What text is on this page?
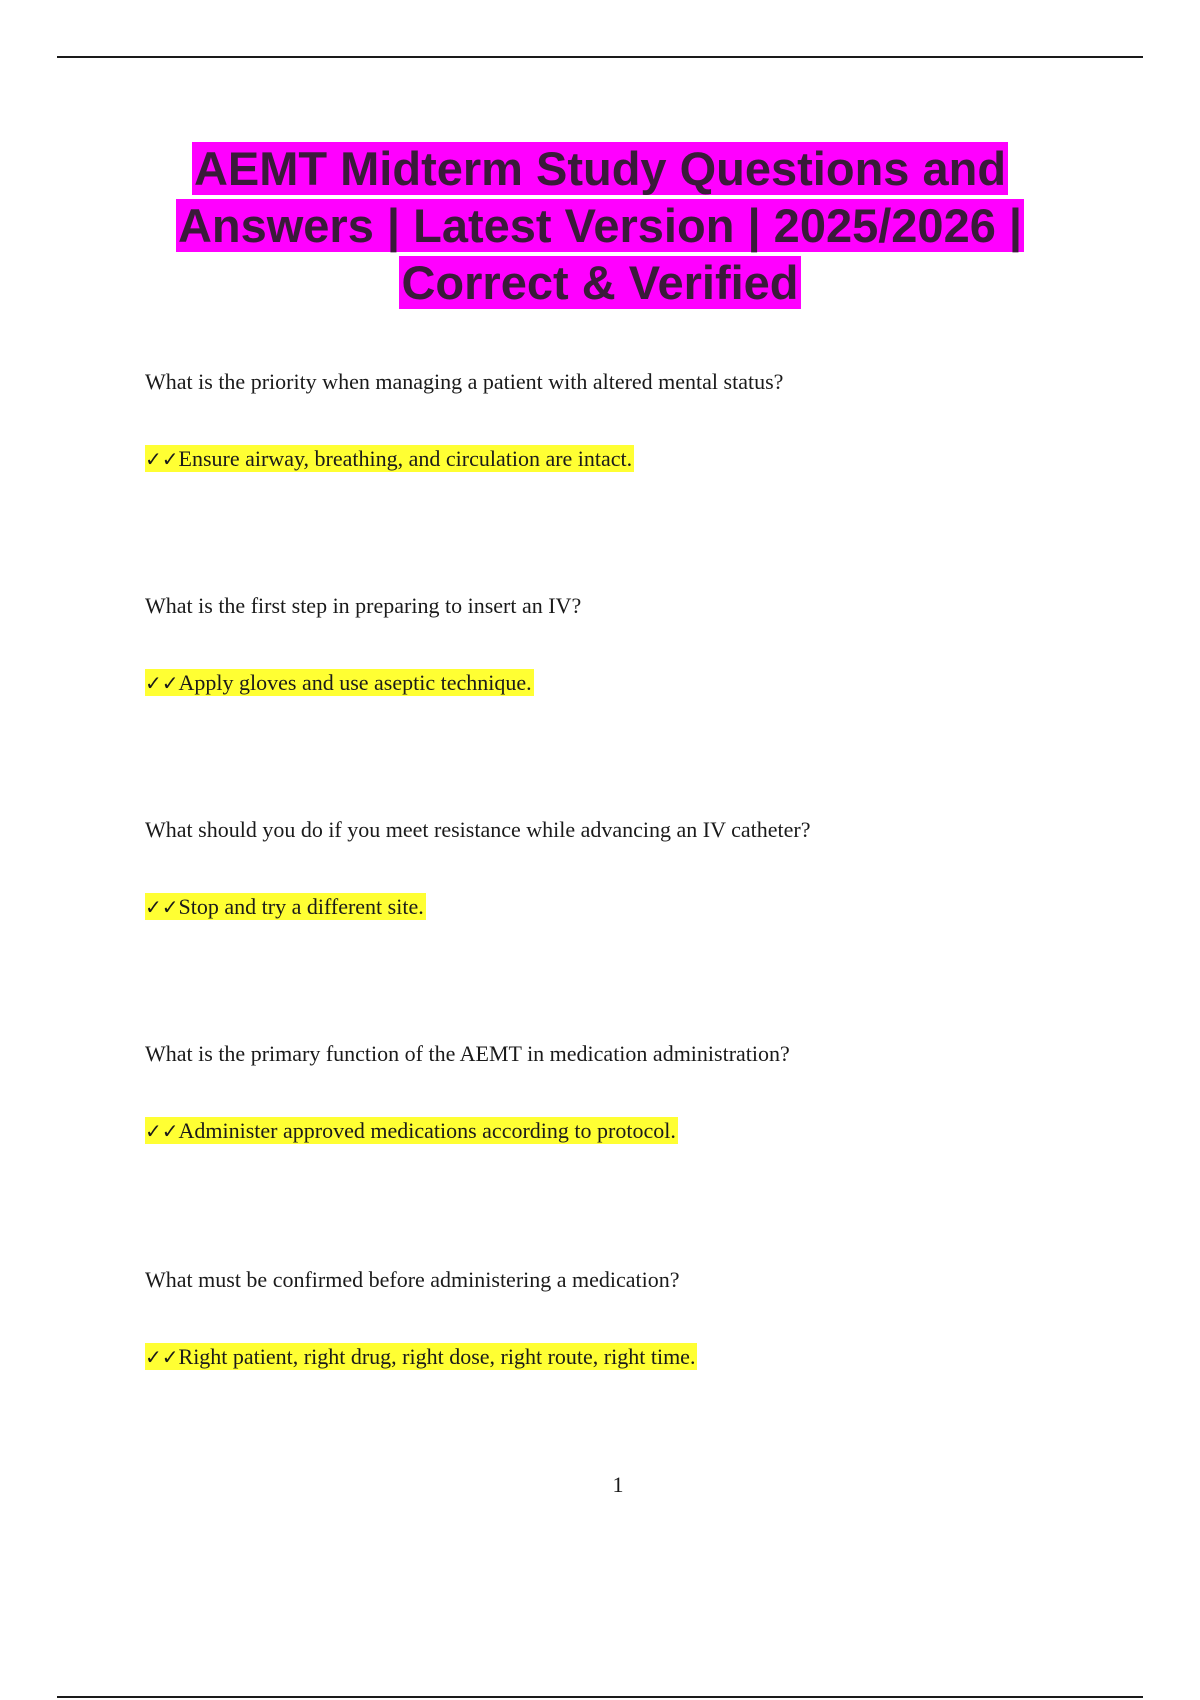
AEMT Midterm Study Questions and
Answers | Latest Version | 2025/2026 |
Correct & Verified

What is the priority when managing a patient with altered mental status?

✓✓Ensure airway, breathing, and circulation are intact.

What is the first step in preparing to insert an IV?

✓✓Apply gloves and use aseptic technique.

What should you do if you meet resistance while advancing an IV catheter?

✓✓Stop and try a different site.

What is the primary function of the AEMT in medication administration?

✓✓Administer approved medications according to protocol.

What must be confirmed before administering a medication?

✓✓Right patient, right drug, right dose, right route, right time.

1
